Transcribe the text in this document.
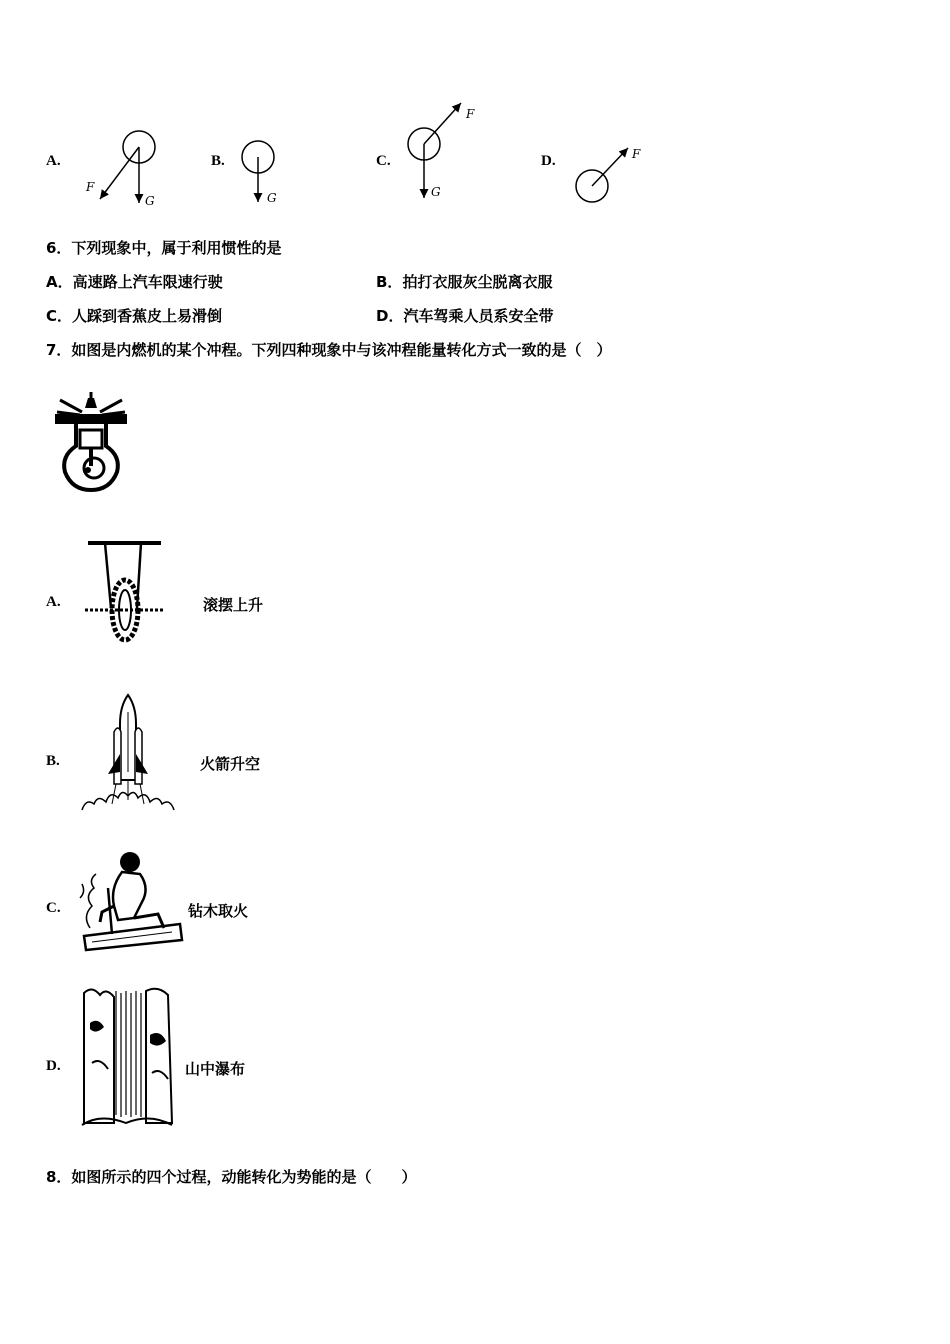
A.
F
G
B.
G
C.
F
G
D.	F
6．下列现象中，属于利用惯性的是
A．高速路上汽车限速行驶	B．拍打衣服灰尘脱离衣服
C．人踩到香蕉皮上易滑倒	D．汽车驾乘人员系安全带
7．如图是内燃机的某个冲程。下列四种现象中与该冲程能量转化方式一致的是（　）
A.	滚摆上升
B.	火箭升空
C.	钻木取火
D.	山中瀑布
8．如图所示的四个过程，动能转化为势能的是（　　）
